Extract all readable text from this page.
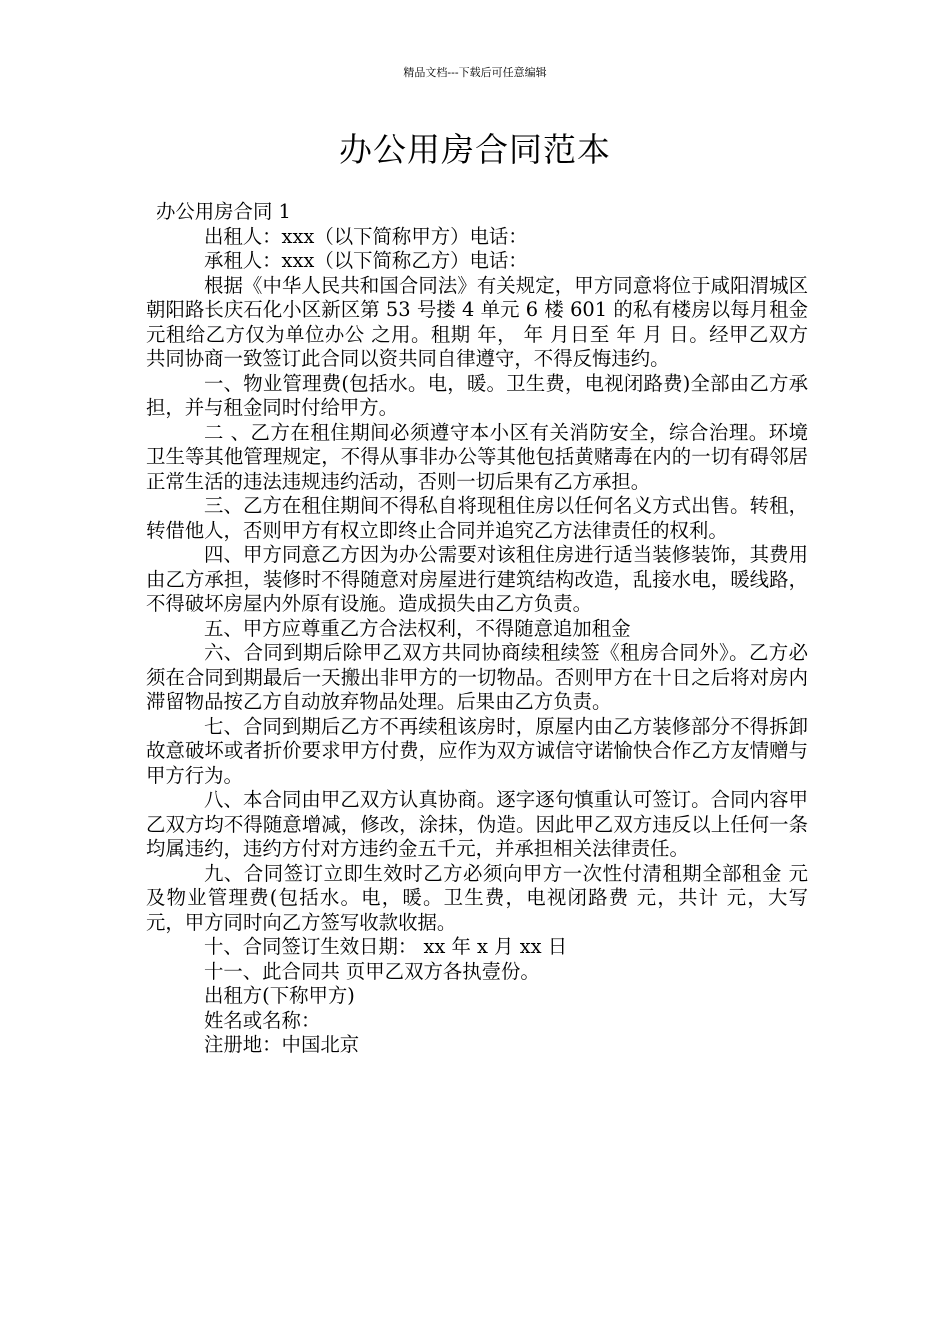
精品文档---下载后可任意编辑
办公用房合同范本

办公用房合同 1

出租人：xxx（以下简称甲方）电话：

承租人：xxx（以下简称乙方）电话：

根据《中华人民共和国合同法》有关规定，甲方同意将位于咸阳渭城区朝阳路长庆石化小区新区第 53 号搂 4 单元 6 楼 601 的私有楼房以每月租金 元租给乙方仅为单位办公 之用。租期 年， 年 月日至 年 月 日。经甲乙双方共同协商一致签订此合同以资共同自律遵守，不得反悔违约。

一、物业管理费(包括水。电，暖。卫生费，电视闭路费)全部由乙方承担，并与租金同时付给甲方。

二 、乙方在租住期间必须遵守本小区有关消防安全，综合治理。环境卫生等其他管理规定，不得从事非办公等其他包括黄赌毒在内的一切有碍邻居正常生活的违法违规违约活动，否则一切后果有乙方承担。

三、乙方在租住期间不得私自将现租住房以任何名义方式出售。转租，转借他人，否则甲方有权立即终止合同并追究乙方法律责任的权利。

四、甲方同意乙方因为办公需要对该租住房进行适当装修装饰，其费用由乙方承担，装修时不得随意对房屋进行建筑结构改造，乱接水电，暖线路，不得破坏房屋内外原有设施。造成损失由乙方负责。

五、甲方应尊重乙方合法权利，不得随意追加租金

六、合同到期后除甲乙双方共同协商续租续签《租房合同外》。乙方必须在合同到期最后一天搬出非甲方的一切物品。否则甲方在十日之后将对房内滞留物品按乙方自动放弃物品处理。后果由乙方负责。

七、合同到期后乙方不再续租该房时，原屋内由乙方装修部分不得拆卸故意破坏或者折价要求甲方付费，应作为双方诚信守诺愉快合作乙方友情赠与甲方行为。

八、本合同由甲乙双方认真协商。逐字逐句慎重认可签订。合同内容甲乙双方均不得随意增减，修改，涂抹，伪造。因此甲乙双方违反以上任何一条均属违约，违约方付对方违约金五千元，并承担相关法律责任。

九、合同签订立即生效时乙方必须向甲方一次性付清租期全部租金 元及物业管理费(包括水。电，暖。卫生费，电视闭路费 元，共计 元，大写 元，甲方同时向乙方签写收款收据。

十、合同签订生效日期： xx 年 x 月 xx 日

十一、此合同共 页甲乙双方各执壹份。

出租方(下称甲方)

姓名或名称：

注册地：中国北京
